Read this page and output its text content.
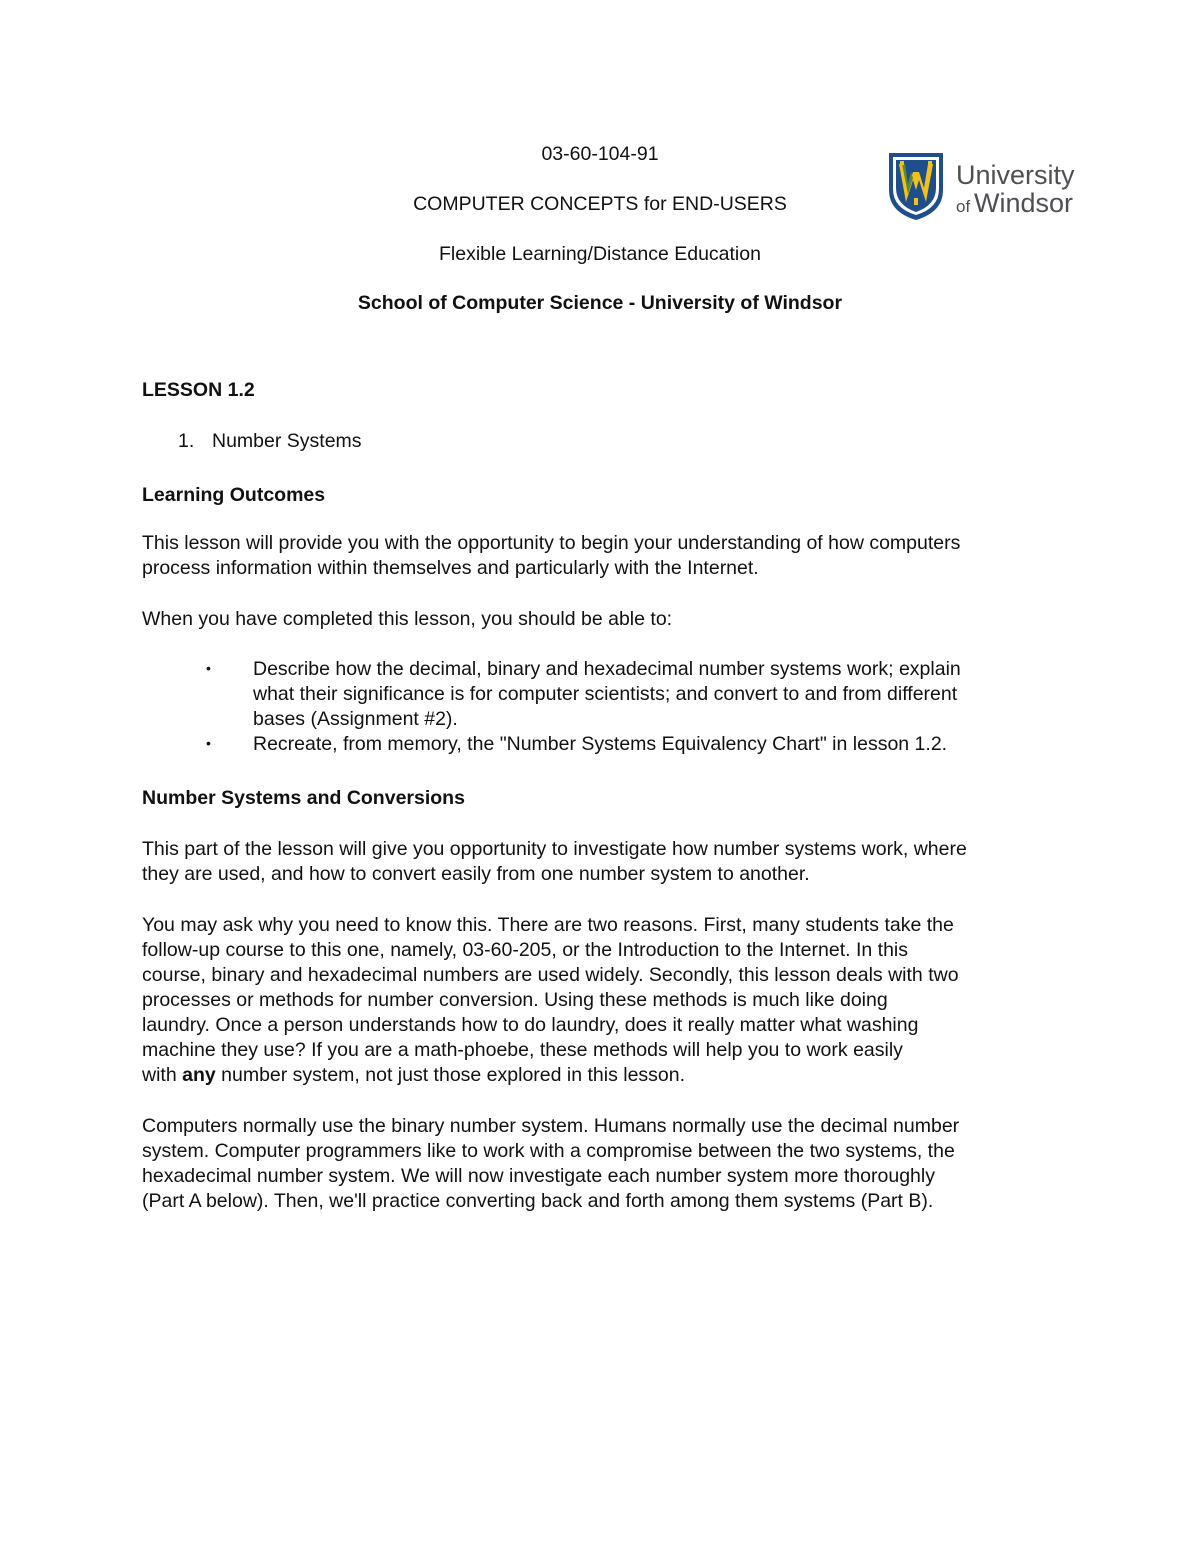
03-60-104-91
COMPUTER CONCEPTS for END-USERS
Flexible Learning/Distance Education
School of Computer Science - University of Windsor
University
of Windsor
LESSON 1.2
1. Number Systems
Learning Outcomes
This lesson will provide you with the opportunity to begin your understanding of how computers
process information within themselves and particularly with the Internet.
When you have completed this lesson, you should be able to:
• Describe how the decimal, binary and hexadecimal number systems work; explain
what their significance is for computer scientists; and convert to and from different
bases (Assignment #2).
• Recreate, from memory, the "Number Systems Equivalency Chart" in lesson 1.2.
Number Systems and Conversions
This part of the lesson will give you opportunity to investigate how number systems work, where
they are used, and how to convert easily from one number system to another.
You may ask why you need to know this. There are two reasons. First, many students take the
follow-up course to this one, namely, 03-60-205, or the Introduction to the Internet. In this
course, binary and hexadecimal numbers are used widely. Secondly, this lesson deals with two
processes or methods for number conversion. Using these methods is much like doing
laundry. Once a person understands how to do laundry, does it really matter what washing
machine they use? If you are a math-phoebe, these methods will help you to work easily
with any number system, not just those explored in this lesson.
Computers normally use the binary number system. Humans normally use the decimal number
system. Computer programmers like to work with a compromise between the two systems, the
hexadecimal number system. We will now investigate each number system more thoroughly
(Part A below). Then, we'll practice converting back and forth among them systems (Part B).
